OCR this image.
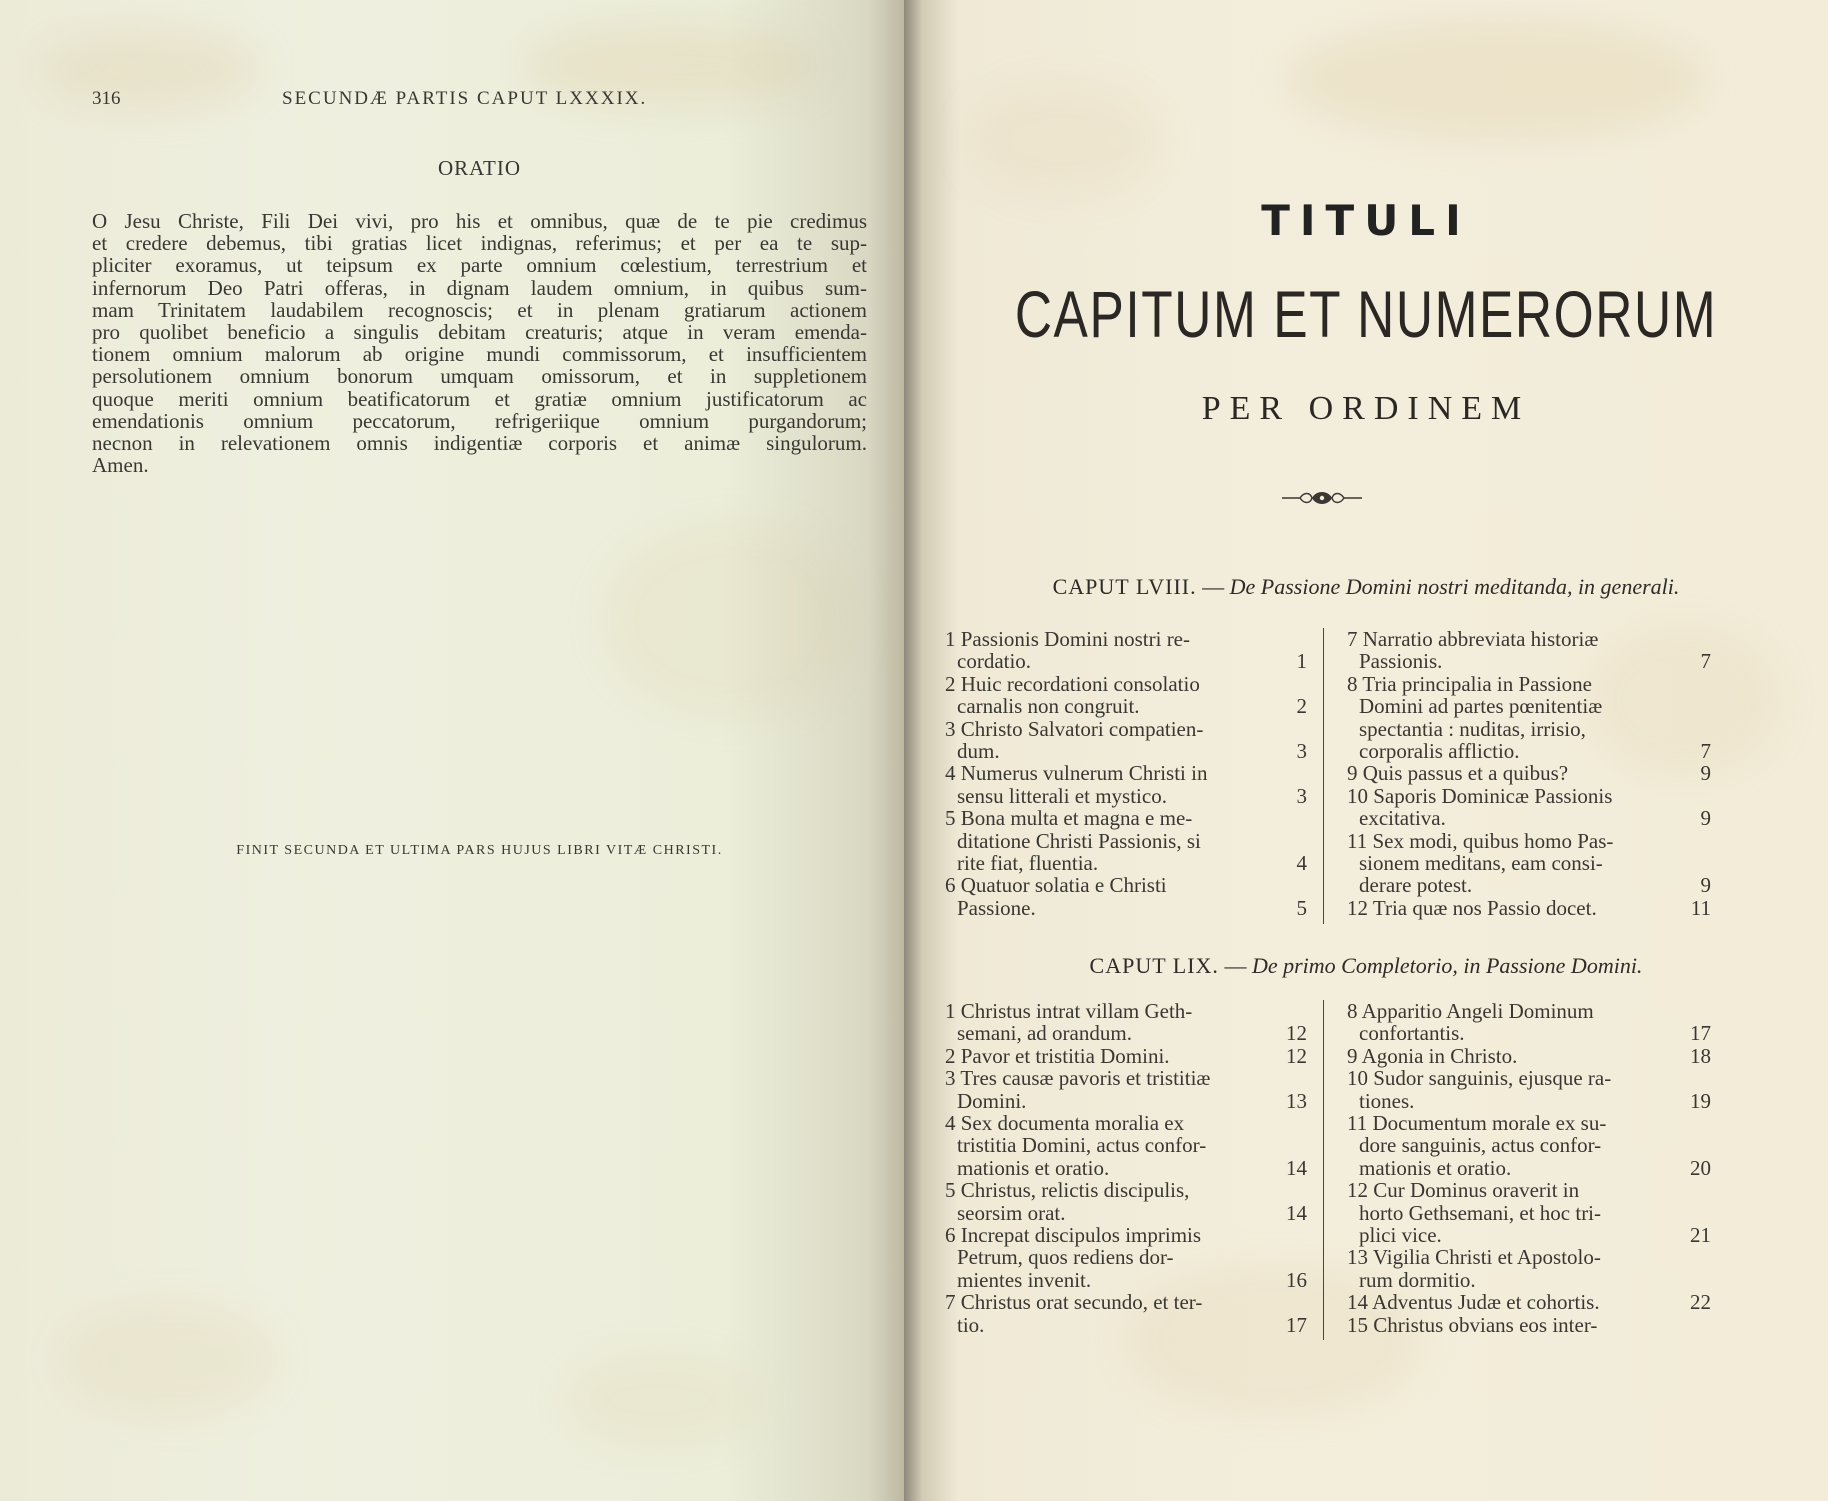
316	SECUNDÆ PARTIS CAPUT LXXXIX.
ORATIO
O Jesu Christe, Fili Dei vivi, pro his et omnibus, quæ de te pie credimus
et credere debemus, tibi gratias licet indignas, referimus; et per ea te sup-
pliciter exoramus, ut teipsum ex parte omnium cœlestium, terrestrium et
infernorum Deo Patri offeras, in dignam laudem omnium, in quibus sum-
mam Trinitatem laudabilem recognoscis; et in plenam gratiarum actionem
pro quolibet beneficio a singulis debitam creaturis; atque in veram emenda-
tionem omnium malorum ab origine mundi commissorum, et insufficientem
persolutionem omnium bonorum umquam omissorum, et in suppletionem
quoque meriti omnium beatificatorum et gratiæ omnium justificatorum ac
emendationis omnium peccatorum, refrigeriique omnium purgandorum;
necnon in relevationem omnis indigentiæ corporis et animæ singulorum.
Amen.
FINIT SECUNDA ET ULTIMA PARS HUJUS LIBRI VITÆ CHRISTI.
TITULI
CAPITUM ET NUMERORUM
PER ORDINEM
CAPUT LVIII. — De Passione Domini nostri meditanda, in generali.
1 Passionis Domini nostri re-
cordatio.	1
2 Huic recordationi consolatio
carnalis non congruit.	2
3 Christo Salvatori compatien-
dum.	3
4 Numerus vulnerum Christi in
sensu litterali et mystico.	3
5 Bona multa et magna e me-
ditatione Christi Passionis, si
rite fiat, fluentia.	4
6 Quatuor solatia e Christi
Passione.	5
7 Narratio abbreviata historiæ
Passionis.	7
8 Tria principalia in Passione
Domini ad partes pœnitentiæ
spectantia : nuditas, irrisio,
corporalis afflictio.	7
9 Quis passus et a quibus?	9
10 Saporis Dominicæ Passionis
excitativa.	9
11 Sex modi, quibus homo Pas-
sionem meditans, eam consi-
derare potest.	9
12 Tria quæ nos Passio docet.	11
CAPUT LIX. — De primo Completorio, in Passione Domini.
1 Christus intrat villam Geth-
semani, ad orandum.	12
2 Pavor et tristitia Domini.	12
3 Tres causæ pavoris et tristitiæ
Domini.	13
4 Sex documenta moralia ex
tristitia Domini, actus confor-
mationis et oratio.	14
5 Christus, relictis discipulis,
seorsim orat.	14
6 Increpat discipulos imprimis
Petrum, quos rediens dor-
mientes invenit.	16
7 Christus orat secundo, et ter-
tio.	17
8 Apparitio Angeli Dominum
confortantis.	17
9 Agonia in Christo.	18
10 Sudor sanguinis, ejusque ra-
tiones.	19
11 Documentum morale ex su-
dore sanguinis, actus confor-
mationis et oratio.	20
12 Cur Dominus oraverit in
horto Gethsemani, et hoc tri-
plici vice.	21
13 Vigilia Christi et Apostolo-
rum dormitio.
14 Adventus Judæ et cohortis.	22
15 Christus obvians eos inter-
